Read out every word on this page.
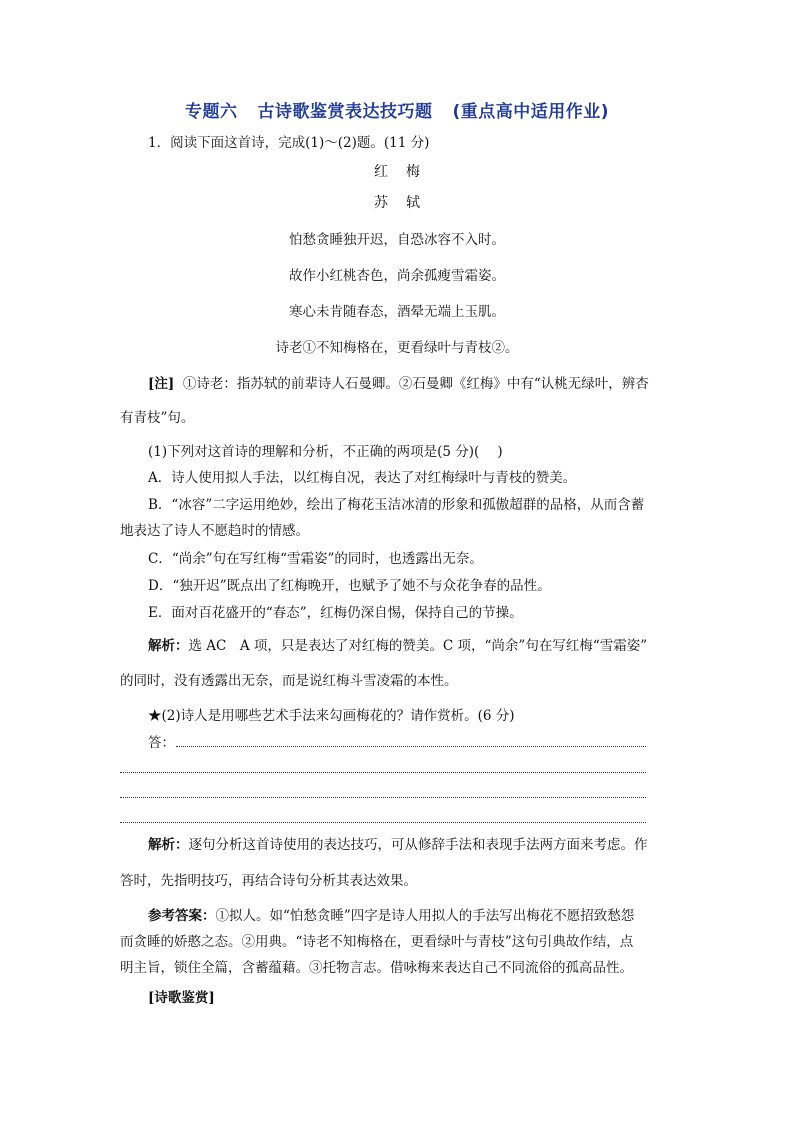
专题六 古诗歌鉴赏表达技巧题 (重点高中适用作业)
1．阅读下面这首诗，完成(1)～(2)题。(11 分)
红 梅
苏 轼
怕愁贪睡独开迟，自恐冰容不入时。
故作小红桃杏色，尚余孤瘦雪霜姿。
寒心未肯随春态，酒晕无端上玉肌。
诗老①不知梅格在，更看绿叶与青枝②。
[注] ①诗老：指苏轼的前辈诗人石曼卿。②石曼卿《红梅》中有“认桃无绿叶，辨杏
有青枝”句。
(1)下列对这首诗的理解和分析，不正确的两项是(5 分)( )
A．诗人使用拟人手法，以红梅自况，表达了对红梅绿叶与青枝的赞美。
B．“冰容”二字运用绝妙，绘出了梅花玉洁冰清的形象和孤傲超群的品格，从而含蓄
地表达了诗人不愿趋时的情感。
C．“尚余”句在写红梅“雪霜姿”的同时，也透露出无奈。
D．“独开迟”既点出了红梅晚开，也赋予了她不与众花争春的品性。
E．面对百花盛开的“春态”，红梅仍深自惕，保持自己的节操。
解析：选 AC　A 项，只是表达了对红梅的赞美。C 项，“尚余”句在写红梅“雪霜姿”
的同时，没有透露出无奈，而是说红梅斗雪凌霜的本性。
★(2)诗人是用哪些艺术手法来勾画梅花的？请作赏析。(6 分)
答：
解析：逐句分析这首诗使用的表达技巧，可从修辞手法和表现手法两方面来考虑。作
答时，先指明技巧，再结合诗句分析其表达效果。
参考答案：①拟人。如“怕愁贪睡”四字是诗人用拟人的手法写出梅花不愿招致愁怨
而贪睡的娇憨之态。②用典。“诗老不知梅格在，更看绿叶与青枝”这句引典故作结，点
明主旨，锁住全篇，含蓄蕴藉。③托物言志。借咏梅来表达自己不同流俗的孤高品性。
[诗歌鉴赏]
